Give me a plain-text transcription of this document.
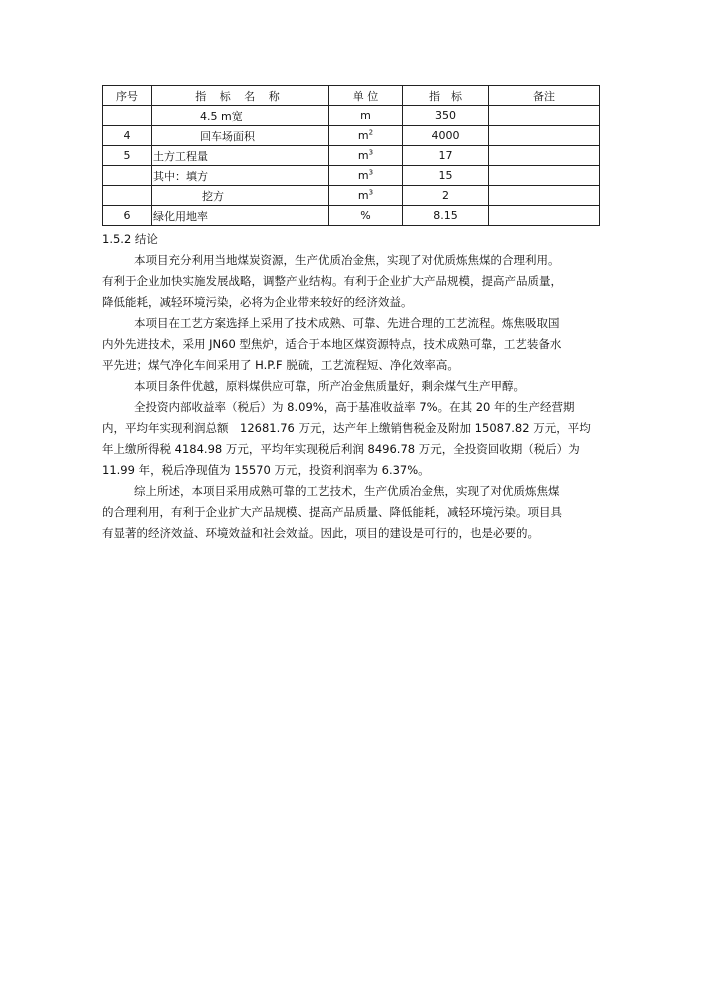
序号	指 标 名 称	单 位	指　标	备注
	4.5 m宽	m	350	
4	回车场面积	$m^2$	4000	
5	土方工程量	$m^3$	17	
	其中：填方	$m^3$	15	
	挖方	$m^3$	2	
6	绿化用地率	%	8.15	

1.5.2 结论

本项目充分利用当地煤炭资源，生产优质冶金焦，实现了对优质炼焦煤的合理利用。

有利于企业加快实施发展战略，调整产业结构。有利于企业扩大产品规模，提高产品质量，

降低能耗，减轻环境污染，必将为企业带来较好的经济效益。

本项目在工艺方案选择上采用了技术成熟、可靠、先进合理的工艺流程。炼焦吸取国

内外先进技术，采用 JN60 型焦炉，适合于本地区煤资源特点，技术成熟可靠，工艺装备水

平先进；煤气净化车间采用了 H.P.F 脱硫，工艺流程短、净化效率高。

本项目条件优越，原料煤供应可靠，所产冶金焦质量好，剩余煤气生产甲醇。

全投资内部收益率（税后）为 8.09%，高于基准收益率 7%。在其 20 年的生产经营期

内，平均年实现利润总额　12681.76 万元，达产年上缴销售税金及附加 15087.82 万元，平均

年上缴所得税 4184.98 万元，平均年实现税后利润 8496.78 万元，全投资回收期（税后）为

11.99 年，税后净现值为 15570 万元，投资利润率为 6.37%。

综上所述，本项目采用成熟可靠的工艺技术，生产优质冶金焦，实现了对优质炼焦煤

的合理利用，有利于企业扩大产品规模、提高产品质量、降低能耗，减轻环境污染。项目具

有显著的经济效益、环境效益和社会效益。因此，项目的建设是可行的，也是必要的。
